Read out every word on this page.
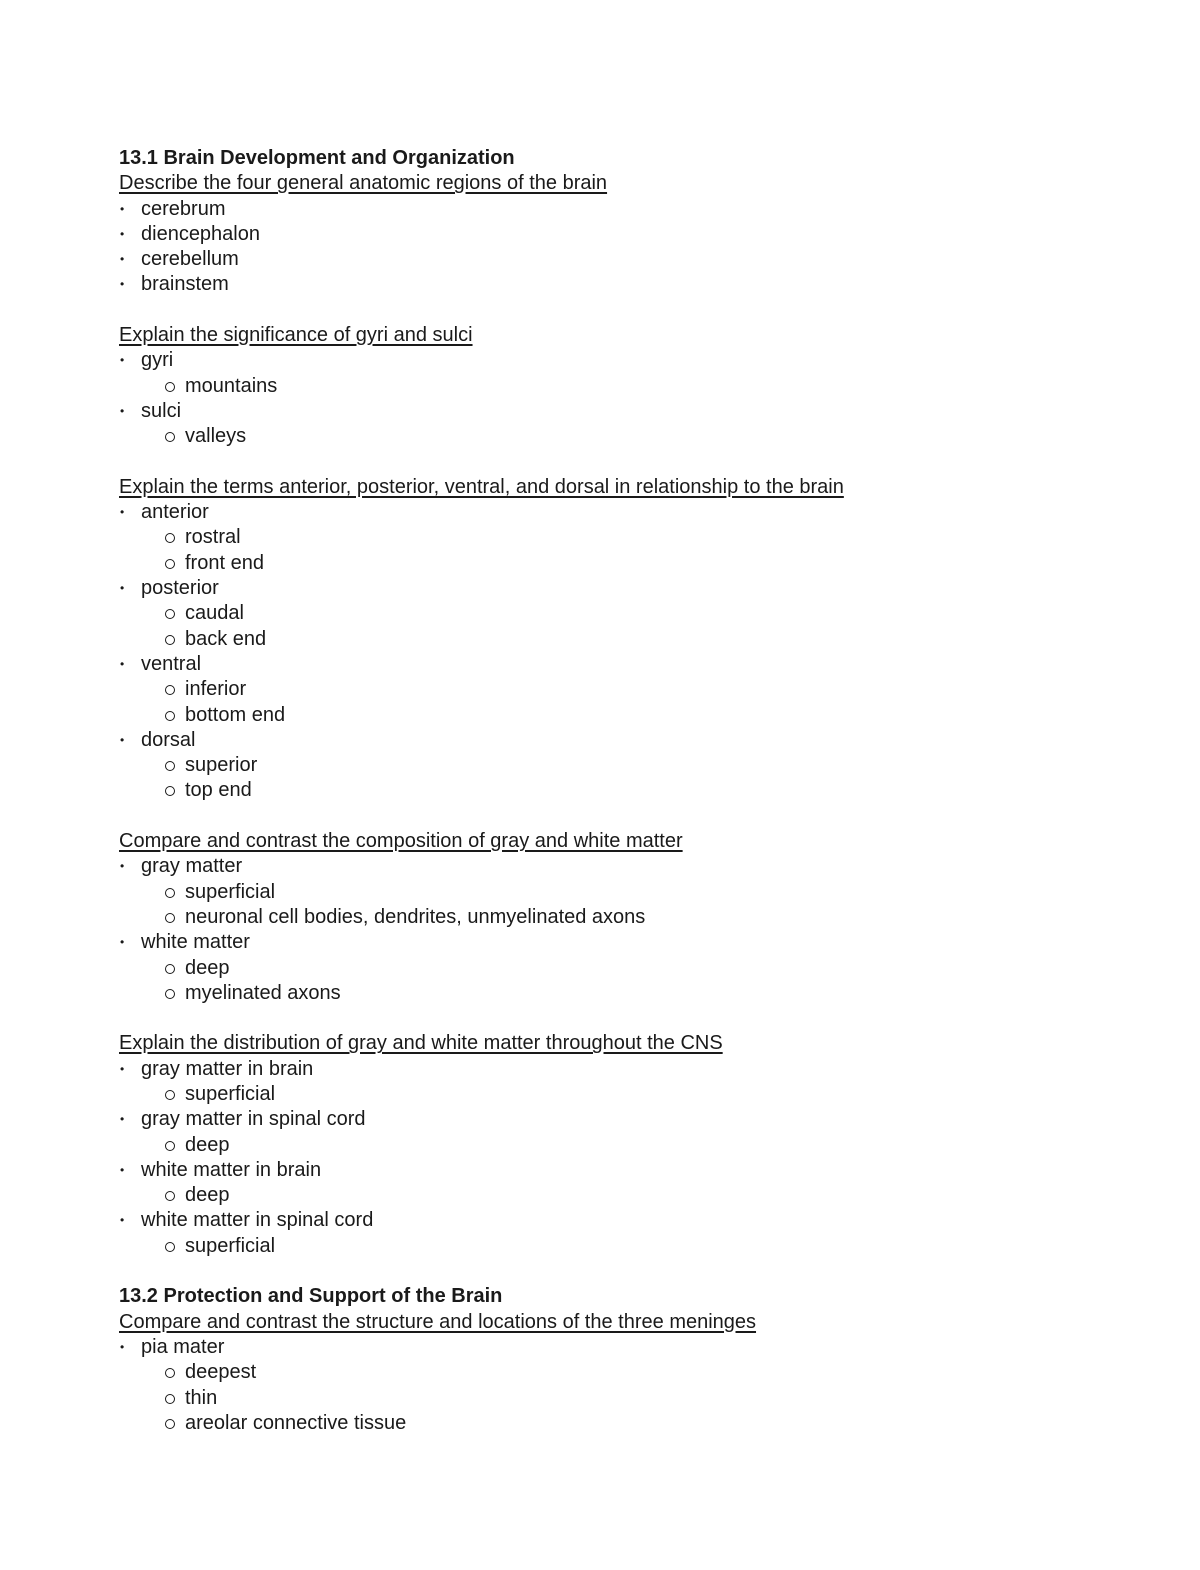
13.1 Brain Development and Organization
Describe the four general anatomic regions of the brain
• cerebrum
• diencephalon
• cerebellum
• brainstem
Explain the significance of gyri and sulci
• gyri
mountains
• sulci
valleys
Explain the terms anterior, posterior, ventral, and dorsal in relationship to the brain
• anterior
rostral
front end
• posterior
caudal
back end
• ventral
inferior
bottom end
• dorsal
superior
top end
Compare and contrast the composition of gray and white matter
• gray matter
superficial
neuronal cell bodies, dendrites, unmyelinated axons
• white matter
deep
myelinated axons
Explain the distribution of gray and white matter throughout the CNS
• gray matter in brain
superficial
• gray matter in spinal cord
deep
• white matter in brain
deep
• white matter in spinal cord
superficial
13.2 Protection and Support of the Brain
Compare and contrast the structure and locations of the three meninges
• pia mater
deepest
thin
areolar connective tissue
